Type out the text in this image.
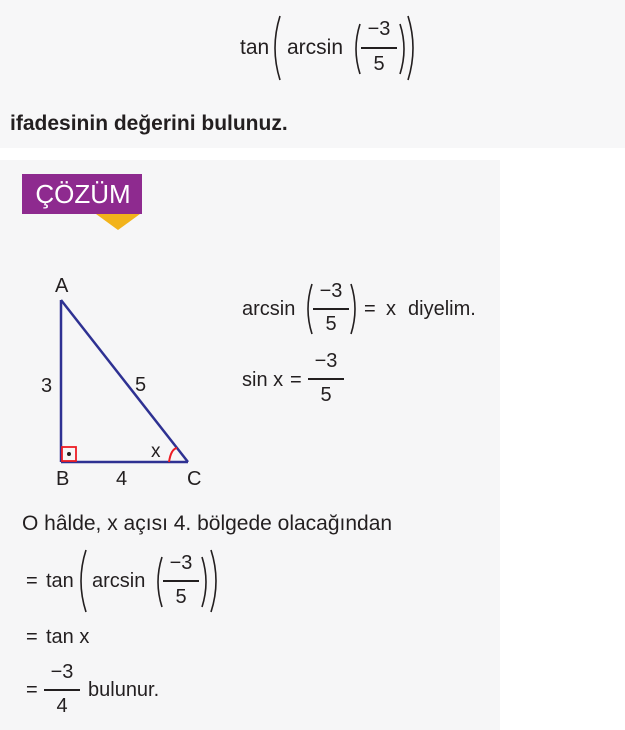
tan arcsin
−3
5
ifadesinin değerini bulunuz.
ÇÖZÜM
A
B	C
3	5
4
x
arcsin
−3
5
= x diyelim.
sin x =
−3
5
O hâlde, x açısı 4. bölgede olacağından
= tan arcsin
−3
5
= tan x
=
−3
4
bulunur.
